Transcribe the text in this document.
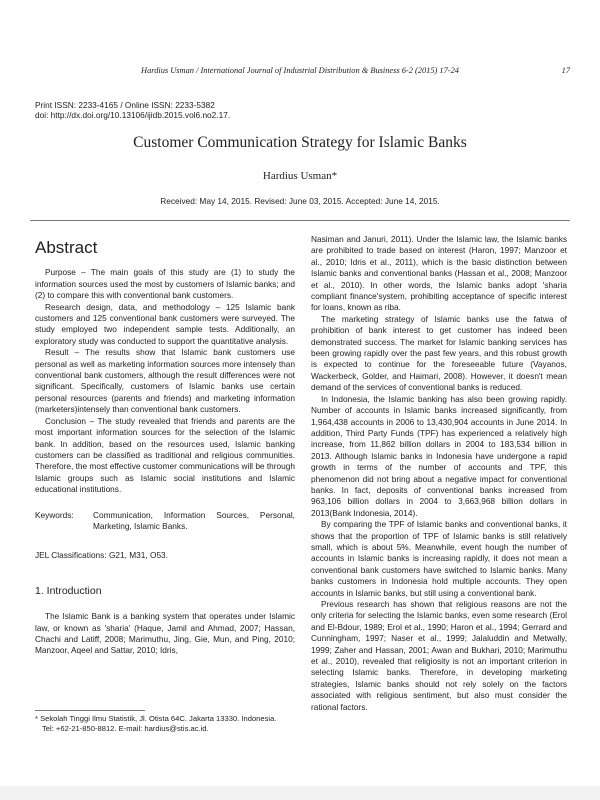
Hardius Usman / International Journal of Industrial Distribution & Business 6-2 (2015) 17-24	17
Print ISSN: 2233-4165 / Online ISSN: 2233-5382
doi: http://dx.doi.org/10.13106/ijidb.2015.vol6.no2.17.
Customer Communication Strategy for Islamic Banks
Hardius Usman*
Received: May 14, 2015. Revised: June 03, 2015. Accepted: June 14, 2015.
Abstract

Purpose – The main goals of this study are (1) to study the information sources used the most by customers of Islamic banks; and (2) to compare this with conventional bank customers.

Research design, data, and methodology – 125 Islamic bank customers and 125 conventional bank customers were surveyed. The study employed two independent sample tests. Additionally, an exploratory study was conducted to support the quantitative analysis.

Result – The results show that Islamic bank customers use personal as well as marketing information sources more intensely than conventional bank customers, although the result differences were not significant. Specifically, customers of Islamic banks use certain personal resources (parents and friends) and marketing information (marketers)intensely than conventional bank customers.

Conclusion – The study revealed that friends and parents are the most important information sources for the selection of the Islamic bank. In addition, based on the resources used, Islamic banking customers can be classified as traditional and religious communities. Therefore, the most effective customer communications will be through Islamic groups such as Islamic social institutions and Islamic educational institutions.

Keywords:	Communication, Information Sources, Personal, Marketing, Islamic Banks.
JEL Classifications: G21, M31, O53.
1. Introduction

The Islamic Bank is a banking system that operates under Islamic law, or known as 'sharia' (Haque, Jamil and Ahmad, 2007; Hassan, Chachi and Latiff, 2008; Marimuthu, Jing, Gie, Mun, and Ping, 2010; Manzoor, Aqeel and Sattar, 2010; Idris,

Nasiman and Januri, 2011). Under the Islamic law, the Islamic banks are prohibited to trade based on interest (Haron, 1997; Manzoor et al., 2010; Idris et al., 2011), which is the basic distinction between Islamic banks and conventional banks (Hassan et al., 2008; Manzoor et al., 2010). In other words, the Islamic banks adopt 'sharia compliant finance'system, prohibiting acceptance of specific interest for loans, known as riba.

The marketing strategy of Islamic banks use the fatwa of prohibition of bank interest to get customer has indeed been demonstrated success. The market for Islamic banking services has been growing rapidly over the past few years, and this robust growth is expected to continue for the foreseeable future (Vayanos, Wackerbeck, Golder, and Haimari, 2008). However, it doesn't mean demand of the services of conventional banks is reduced.

In Indonesia, the Islamic banking has also been growing rapidly. Number of accounts in Islamic banks increased significantly, from 1,964,438 accounts in 2006 to 13,430,904 accounts in June 2014. In addition, Third Party Funds (TPF) has experienced a relatively high increase, from 11,862 billion dollars in 2004 to 183,534 billion in 2013. Although Islamic banks in Indonesia have undergone a rapid growth in terms of the number of accounts and TPF, this phenomenon did not bring about a negative impact for conventional banks. In fact, deposits of conventional banks increased from 963,106 billion dollars in 2004 to 3,663,968 billion dollars in 2013(Bank Indonesia, 2014).

By comparing the TPF of Islamic banks and conventional banks, it shows that the proportion of TPF of Islamic banks is still relatively small, which is about 5%. Meanwhile, event hough the number of accounts in Islamic banks is increasing rapidly, it does not mean a conventional bank customers have switched to Islamic banks. Many banks customers in Indonesia hold multiple accounts. They open accounts in Islamic banks, but still using a conventional bank.

Previous research has shown that religious reasons are not the only criteria for selecting the Islamic banks, even some research (Erol and El-Bdour, 1989; Erol et al., 1990; Haron et al., 1994; Gerrard and Cunningham, 1997; Naser et al., 1999; Jalaluddin and Metwally, 1999; Zaher and Hassan, 2001; Awan and Bukhari, 2010; Marimuthu et al., 2010), revealed that religiosity is not an important criterion in selecting Islamic banks. Therefore, in developing marketing strategies, Islamic banks should not rely solely on the factors associated with religious sentiment, but also must consider the rational factors.

* Sekolah Tinggi Ilmu Statistik, Jl. Otista 64C. Jakarta 13330. Indonesia.
Tel: +62-21-850-8812. E-mail: hardius@stis.ac.id.
